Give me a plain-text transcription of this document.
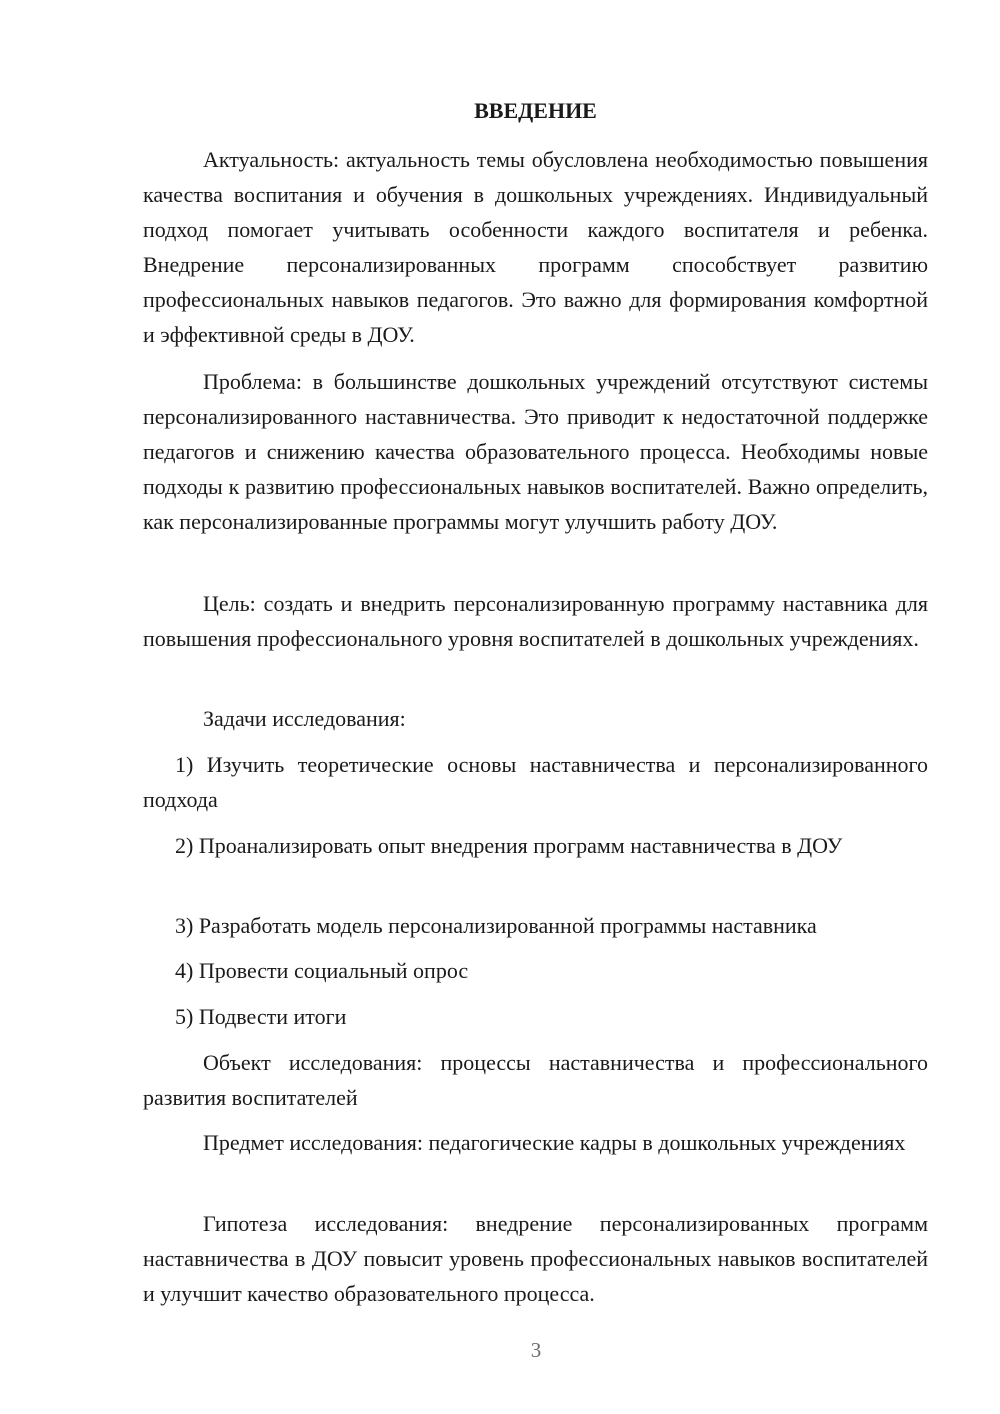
ВВЕДЕНИЕ

Актуальность: актуальность темы обусловлена необходимостью повышения качества воспитания и обучения в дошкольных учреждениях. Индивидуальный подход помогает учитывать особенности каждого воспитателя и ребенка. Внедрение персонализированных программ способствует развитию профессиональных навыков педагогов. Это важно для формирования комфортной и эффективной среды в ДОУ.

Проблема: в большинстве дошкольных учреждений отсутствуют системы персонализированного наставничества. Это приводит к недостаточной поддержке педагогов и снижению качества образовательного процесса. Необходимы новые подходы к развитию профессиональных навыков воспитателей. Важно определить, как персонализированные программы могут улучшить работу ДОУ.

Цель: создать и внедрить персонализированную программу наставника для повышения профессионального уровня воспитателей в дошкольных учреждениях.

Задачи исследования:

1) Изучить теоретические основы наставничества и персонализированного подхода

2) Проанализировать опыт внедрения программ наставничества в ДОУ

3) Разработать модель персонализированной программы наставника

4) Провести социальный опрос

5) Подвести итоги

Объект исследования: процессы наставничества и профессионального развития воспитателей

Предмет исследования: педагогические кадры в дошкольных учреждениях

Гипотеза исследования: внедрение персонализированных программ наставничества в ДОУ повысит уровень профессиональных навыков воспитателей и улучшит качество образовательного процесса.

3
